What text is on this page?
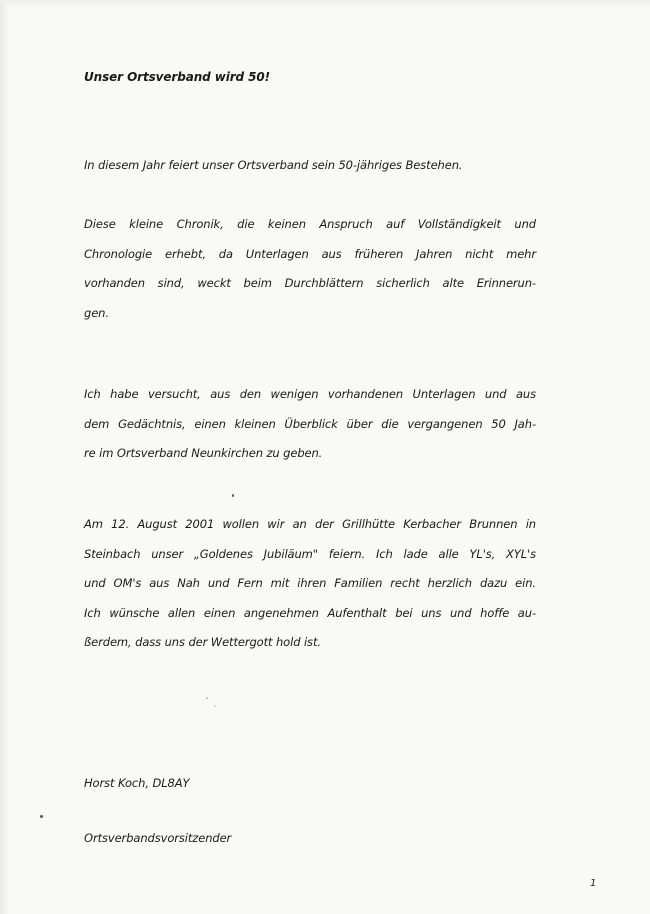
Unser Ortsverband wird 50!
In diesem Jahr feiert unser Ortsverband sein 50-jähriges Bestehen.
Diese kleine Chronik, die keinen Anspruch auf Vollständigkeit und
Chronologie erhebt, da Unterlagen aus früheren Jahren nicht mehr
vorhanden sind, weckt beim Durchblättern sicherlich alte Erinnerun-
gen.
Ich habe versucht, aus den wenigen vorhandenen Unterlagen und aus
dem Gedächtnis, einen kleinen Überblick über die vergangenen 50 Jah-
re im Ortsverband Neunkirchen zu geben.
Am 12. August 2001 wollen wir an der Grillhütte Kerbacher Brunnen in
Steinbach unser „Goldenes Jubiläum" feiern. Ich lade alle YL's, XYL's
und OM's aus Nah und Fern mit ihren Familien recht herzlich dazu ein.
Ich wünsche allen einen angenehmen Aufenthalt bei uns und hoffe au-
ßerdem, dass uns der Wettergott hold ist.
Horst Koch, DL8AY
Ortsverbandsvorsitzender
1
